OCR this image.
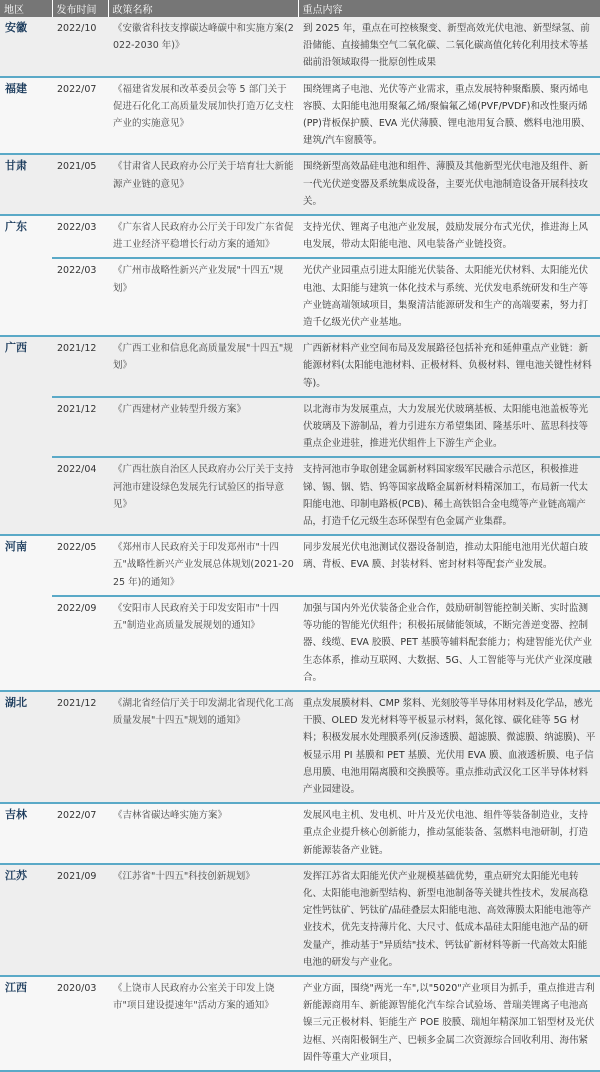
地区	发布时间	政策名称	重点内容
安徽	2022/10	《安徽省科技支撑碳达峰碳中和实施方案(2022-2030 年)》	到 2025 年，重点在可控核聚变、新型高效光伏电池、新型绿氢、前沿储能、直接捕集空气二氧化碳、二氧化碳高值化转化利用技术等基础前沿领域取得一批原创性成果
福建	2022/07	《福建省发展和改革委员会等 5 部门关于促进石化化工高质量发展加快打造万亿支柱产业的实施意见》	围绕锂离子电池、光伏等产业需求，重点发展特种聚酯膜、聚丙烯电容膜、太阳能电池用聚氟乙烯/聚偏氟乙烯(PVF/PVDF)和改性聚丙烯(PP)背板保护膜、EVA 光伏薄膜、锂电池用复合膜、燃料电池用膜、建筑/汽车窗膜等。
甘肃	2021/05	《甘肃省人民政府办公厅关于培育壮大新能源产业链的意见》	围绕新型高效晶硅电池和组件、薄膜及其他新型光伏电池及组件、新一代光伏逆变器及系统集成设备，主要光伏电池制造设备开展科技攻关。
广东	2022/03	《广东省人民政府办公厅关于印发广东省促进工业经济平稳增长行动方案的通知》	支持光伏、锂离子电池产业发展，鼓励发展分布式光伏，推进海上风电发展，带动太阳能电池、风电装备产业链投资。
	2022/03	《广州市战略性新兴产业发展"十四五"规划》	光伏产业园重点引进太阳能光伏装备、太阳能光伏材料、太阳能光伏电池、太阳能与建筑一体化技术与系统、光伏发电系统研发和生产等产业链高端领域项目，集聚清洁能源研发和生产的高端要素，努力打造千亿级光伏产业基地。
广西	2021/12	《广西工业和信息化高质量发展"十四五"规划》	广西新材料产业空间布局及发展路径包括补充和延伸重点产业链：新能源材料(太阳能电池材料、正极材料、负极材料、锂电池关键性材料等)。
	2021/12	《广西建材产业转型升级方案》	以北海市为发展重点，大力发展光伏玻璃基板、太阳能电池盖板等光伏玻璃及下游制品，着力引进东方希望集团、隆基乐叶、蓝思科技等重点企业进驻，推进光伏组件上下游生产企业。
	2022/04	《广西壮族自治区人民政府办公厅关于支持河池市建设绿色发展先行试验区的指导意见》	支持河池市争取创建金属新材料国家级军民融合示范区，积极推进锑、锡、铟、锆、钨等国家战略金属新材料精深加工，布局新一代太阳能电池、印制电路板(PCB)、稀土高铁铝合金电缆等产业链高端产品，打造千亿元级生态环保型有色金属产业集群。
河南	2022/05	《郑州市人民政府关于印发郑州市"十四五"战略性新兴产业发展总体规划(2021-2025 年)的通知》	同步发展光伏电池测试仪器设备制造，推动太阳能电池用光伏超白玻璃、背板、EVA 膜、封装材料、密封材料等配套产业发展。
	2022/09	《安阳市人民政府关于印发安阳市"十四五"制造业高质量发展规划的通知》	加强与国内外光伏装备企业合作，鼓励研制智能控制关断、实时监测等功能的智能光伏组件；积极拓展储能领域，不断完善逆变器、控制器、线缆、EVA 胶膜、PET 基膜等辅料配套能力；构建智能光伏产业生态体系，推动互联网、大数据、5G、人工智能等与光伏产业深度融合。
湖北	2021/12	《湖北省经信厅关于印发湖北省现代化工高质量发展"十四五"规划的通知》	重点发展膜材料、CMP 浆料、光刻胶等半导体用材料及化学品，感光干膜、OLED 发光材料等平板显示材料，氮化镓、碳化硅等 5G 材料；积极发展水处理膜系列(反渗透膜、超滤膜、微滤膜、纳滤膜)、平板显示用 PI 基膜和 PET 基膜、光伏用 EVA 膜、血液透析膜、电子信息用膜、电池用隔离膜和交换膜等。重点推动武汉化工区半导体材料产业园建设。
吉林	2022/07	《吉林省碳达峰实施方案》	发展风电主机、发电机、叶片及光伏电池、组件等装备制造业，支持重点企业提升核心创新能力，推动氢能装备、氢燃料电池研制，打造新能源装备产业链。
江苏	2021/09	《江苏省"十四五"科技创新规划》	发挥江苏省太阳能光伏产业规模基础优势，重点研究太阳能光电转化、太阳能电池新型结构、新型电池制备等关键共性技术，发展高稳定性钙钛矿、钙钛矿/晶硅叠层太阳能电池、高效薄膜太阳能电池等产业技术，优先支持薄片化、大尺寸、低成本晶硅太阳能电池产品的研发量产，推动基于"异质结"技术、钙钛矿新材料等新一代高效太阳能电池的研发与产业化。
江西	2020/03	《上饶市人民政府办公室关于印发上饶市"项目建设提速年"活动方案的通知》	产业方面，围绕"两光一车",以"5020"产业项目为抓手，重点推进吉利新能源商用车、新能源智能化汽车综合试验场、普瑞美锂离子电池高镍三元正极材料、钜能生产 POE 胶膜、瑞旭年精深加工铝型材及光伏边框、兴南阳极铜生产、巴顿多金属二次资源综合回收利用、海伟紧固件等重大产业项目，
